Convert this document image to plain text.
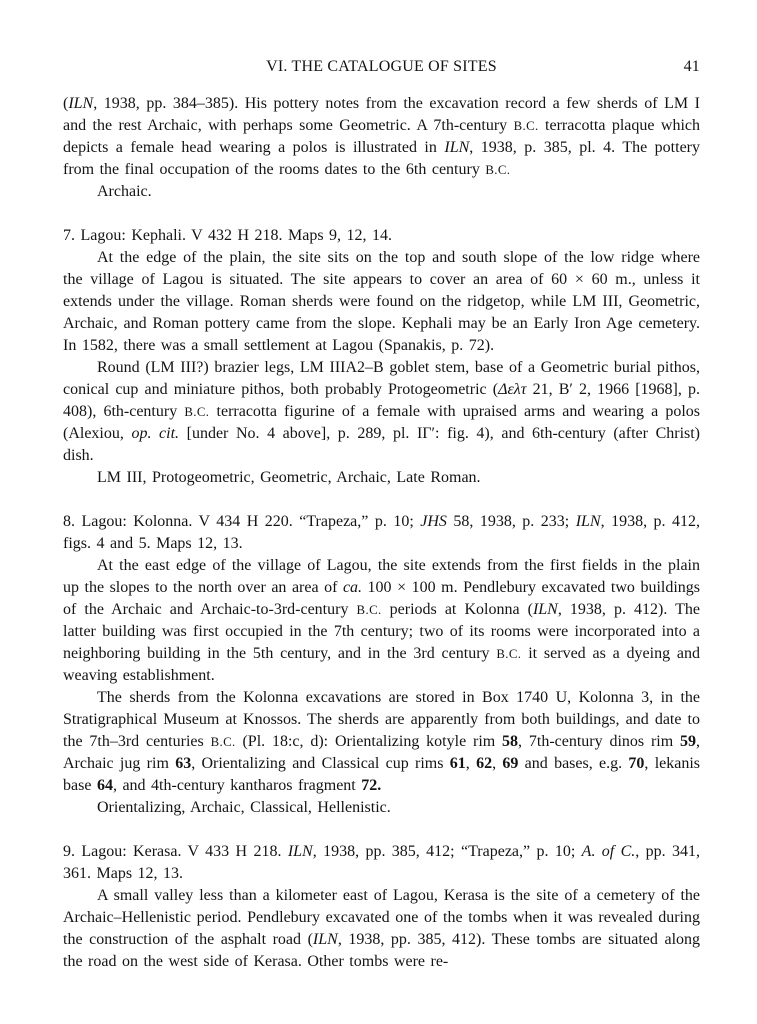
VI. THE CATALOGUE OF SITES	41

(ILN, 1938, pp. 384–385). His pottery notes from the excavation record a few sherds of LM I and the rest Archaic, with perhaps some Geometric. A 7th-century B.C. terracotta plaque which depicts a female head wearing a polos is illustrated in ILN, 1938, p. 385, pl. 4. The pottery from the final occupation of the rooms dates to the 6th century B.C.

Archaic.

7. Lagou: Kephali. V 432 H 218. Maps 9, 12, 14.

At the edge of the plain, the site sits on the top and south slope of the low ridge where the village of Lagou is situated. The site appears to cover an area of 60 × 60 m., unless it extends under the village. Roman sherds were found on the ridgetop, while LM III, Geometric, Archaic, and Roman pottery came from the slope. Kephali may be an Early Iron Age cemetery. In 1582, there was a small settlement at Lagou (Spanakis, p. 72).

Round (LM III?) brazier legs, LM IIIA2–B goblet stem, base of a Geometric burial pithos, conical cup and miniature pithos, both probably Protogeometric (Δελτ 21, B′ 2, 1966 [1968], p. 408), 6th-century B.C. terracotta figurine of a female with upraised arms and wearing a polos (Alexiou, op. cit. [under No. 4 above], p. 289, pl. ΙΓ′: fig. 4), and 6th-century (after Christ) dish.

LM III, Protogeometric, Geometric, Archaic, Late Roman.

8. Lagou: Kolonna. V 434 H 220. “Trapeza,” p. 10; JHS 58, 1938, p. 233; ILN, 1938, p. 412, figs. 4 and 5. Maps 12, 13.

At the east edge of the village of Lagou, the site extends from the first fields in the plain up the slopes to the north over an area of ca. 100 × 100 m. Pendlebury excavated two buildings of the Archaic and Archaic-to-3rd-century B.C. periods at Kolonna (ILN, 1938, p. 412). The latter building was first occupied in the 7th century; two of its rooms were incorporated into a neighboring building in the 5th century, and in the 3rd century B.C. it served as a dyeing and weaving establishment.

The sherds from the Kolonna excavations are stored in Box 1740 U, Kolonna 3, in the Stratigraphical Museum at Knossos. The sherds are apparently from both buildings, and date to the 7th–3rd centuries B.C. (Pl. 18:c, d): Orientalizing kotyle rim 58, 7th-century dinos rim 59, Archaic jug rim 63, Orientalizing and Classical cup rims 61, 62, 69 and bases, e.g. 70, lekanis base 64, and 4th-century kantharos fragment 72.

Orientalizing, Archaic, Classical, Hellenistic.

9. Lagou: Kerasa. V 433 H 218. ILN, 1938, pp. 385, 412; “Trapeza,” p. 10; A. of C., pp. 341, 361. Maps 12, 13.

A small valley less than a kilometer east of Lagou, Kerasa is the site of a cemetery of the Archaic–Hellenistic period. Pendlebury excavated one of the tombs when it was revealed during the construction of the asphalt road (ILN, 1938, pp. 385, 412). These tombs are situated along the road on the west side of Kerasa. Other tombs were re-
